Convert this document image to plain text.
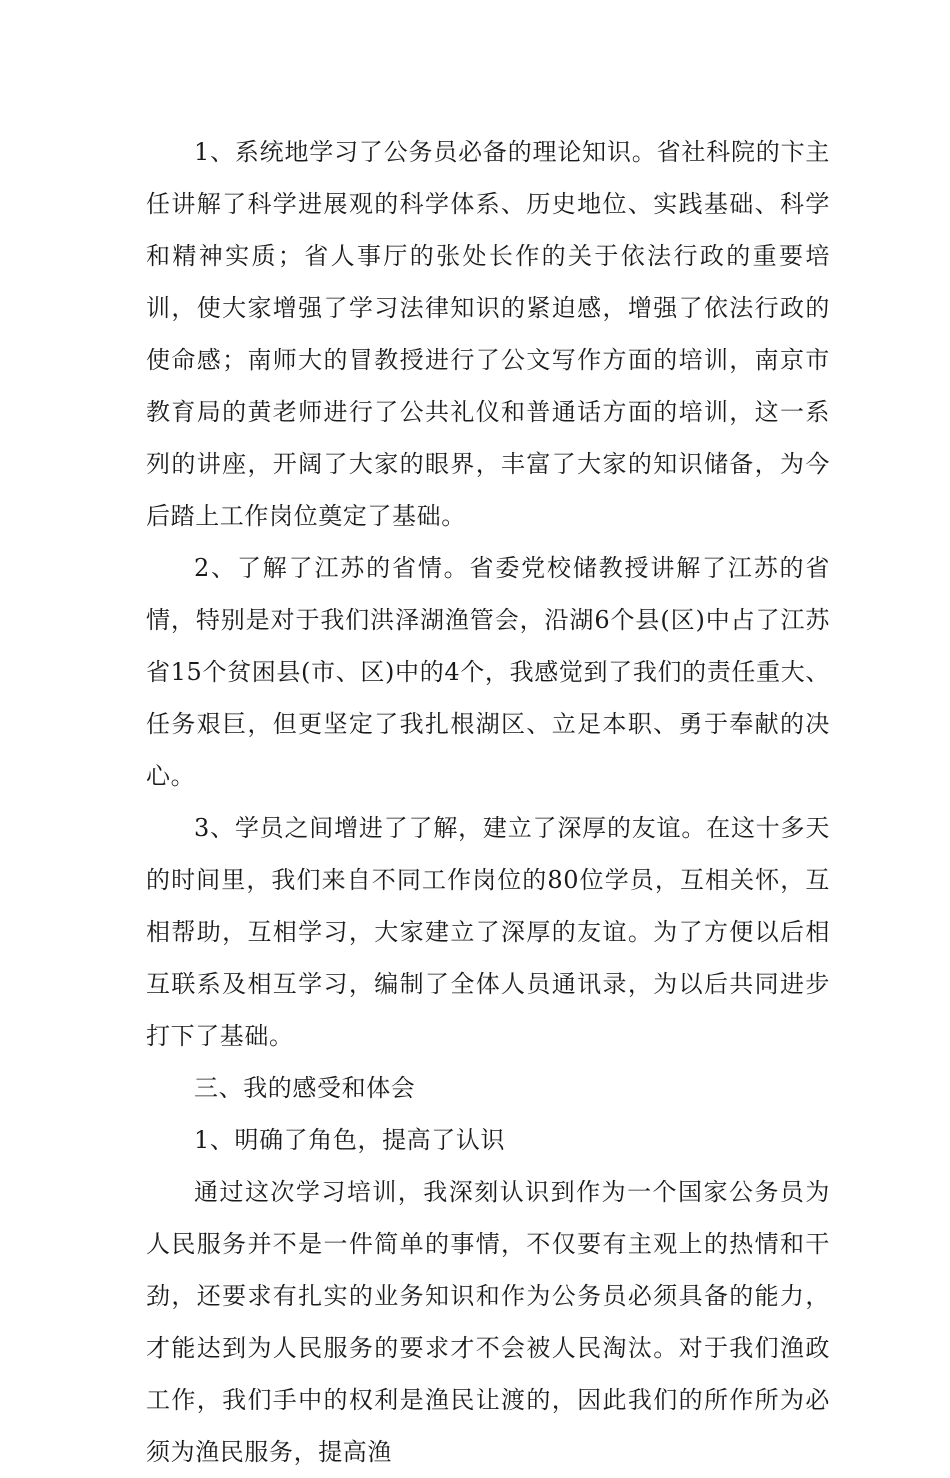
1、系统地学习了公务员必备的理论知识。省社科院的卞主任讲解了科学进展观的科学体系、历史地位、实践基础、科学和精神实质；省人事厅的张处长作的关于依法行政的重要培训，使大家增强了学习法律知识的紧迫感，增强了依法行政的使命感；南师大的冒教授进行了公文写作方面的培训，南京市教育局的黄老师进行了公共礼仪和普通话方面的培训，这一系列的讲座，开阔了大家的眼界，丰富了大家的知识储备，为今后踏上工作岗位奠定了基础。

2、了解了江苏的省情。省委党校储教授讲解了江苏的省情，特别是对于我们洪泽湖渔管会，沿湖6个县(区)中占了江苏省15个贫困县(市、区)中的4个，我感觉到了我们的责任重大、任务艰巨，但更坚定了我扎根湖区、立足本职、勇于奉献的决心。

3、学员之间增进了了解，建立了深厚的友谊。在这十多天的时间里，我们来自不同工作岗位的80位学员，互相关怀，互相帮助，互相学习，大家建立了深厚的友谊。为了方便以后相互联系及相互学习，编制了全体人员通讯录，为以后共同进步打下了基础。

三、我的感受和体会

1、明确了角色，提高了认识

通过这次学习培训，我深刻认识到作为一个国家公务员为人民服务并不是一件简单的事情，不仅要有主观上的热情和干劲，还要求有扎实的业务知识和作为公务员必须具备的能力，才能达到为人民服务的要求才不会被人民淘汰。对于我们渔政工作，我们手中的权利是渔民让渡的，因此我们的所作所为必须为渔民服务，提高渔
